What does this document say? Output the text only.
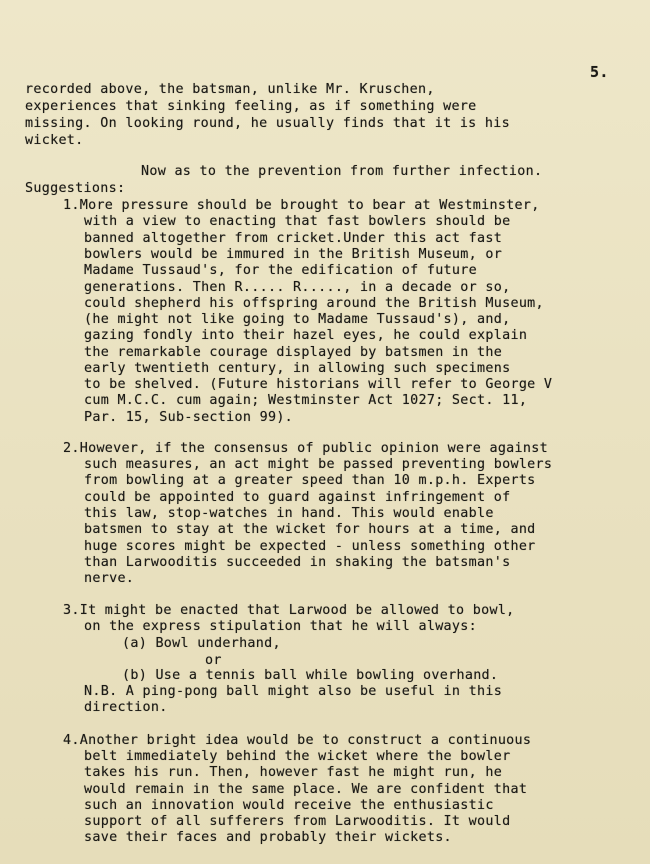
5.
recorded above, the batsman, unlike Mr. Kruschen,
experiences that sinking feeling, as if something were
missing. On looking round, he usually finds that it is his
wicket.
Now as to the prevention from further infection.
Suggestions:
1.More pressure should be brought to bear at Westminster,
with a view to enacting that fast bowlers should be
banned altogether from cricket.Under this act fast
bowlers would be immured in the British Museum, or
Madame Tussaud's, for the edification of future
generations. Then R..... R....., in a decade or so,
could shepherd his offspring around the British Museum,
(he might not like going to Madame Tussaud's), and,
gazing fondly into their hazel eyes, he could explain
the remarkable courage displayed by batsmen in the
early twentieth century, in allowing such specimens
to be shelved. (Future historians will refer to George V
cum M.C.C. cum again; Westminster Act 1027; Sect. 11,
Par. 15, Sub-section 99).
2.However, if the consensus of public opinion were against
such measures, an act might be passed preventing bowlers
from bowling at a greater speed than 10 m.p.h. Experts
could be appointed to guard against infringement of
this law, stop-watches in hand. This would enable
batsmen to stay at the wicket for hours at a time, and
huge scores might be expected - unless something other
than Larwooditis succeeded in shaking the batsman's
nerve.
3.It might be enacted that Larwood be allowed to bowl,
on the express stipulation that he will always:
(a) Bowl underhand,
or
(b) Use a tennis ball while bowling overhand.
N.B. A ping-pong ball might also be useful in this
direction.
4.Another bright idea would be to construct a continuous
belt immediately behind the wicket where the bowler
takes his run. Then, however fast he might run, he
would remain in the same place. We are confident that
such an innovation would receive the enthusiastic
support of all sufferers from Larwooditis. It would
save their faces and probably their wickets.
